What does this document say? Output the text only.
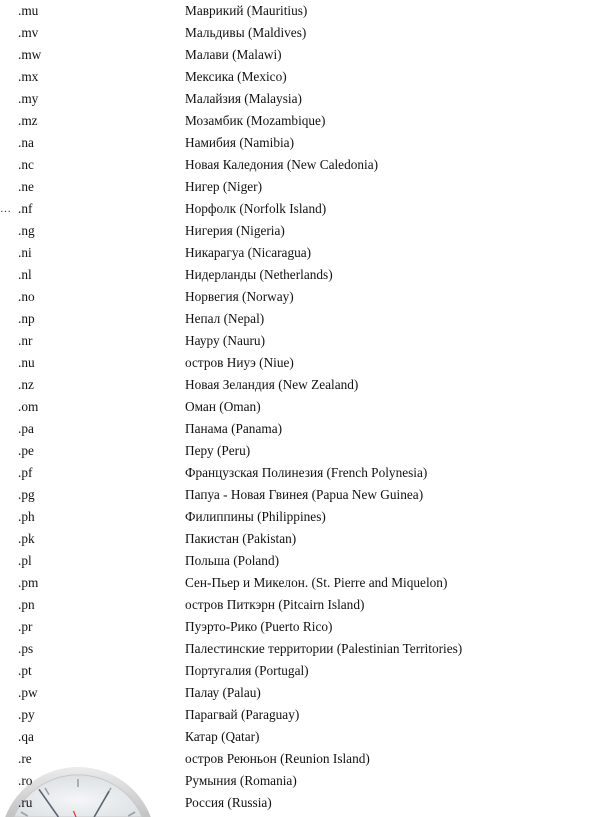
.mu	Маврикий (Mauritius)
.mv	Мальдивы (Maldives)
.mw	Малави (Malawi)
.mx	Мексика (Mexico)
.my	Малайзия (Malaysia)
.mz	Мозамбик (Mozambique)
.na	Намибия (Namibia)
.nc	Новая Каледония (New Caledonia)
.ne	Нигер (Niger)
.nf	Норфолк (Norfolk Island)
.ng	Нигерия (Nigeria)
.ni	Никарагуа (Nicaragua)
.nl	Нидерланды (Netherlands)
.no	Норвегия (Norway)
.np	Непал (Nepal)
.nr	Науру (Nauru)
.nu	остров Ниуэ (Niue)
.nz	Новая Зеландия (New Zealand)
.om	Оман (Oman)
.pa	Панама (Panama)
.pe	Перу (Peru)
.pf	Французская Полинезия (French Polynesia)
.pg	Папуа - Новая Гвинея (Papua New Guinea)
.ph	Филиппины (Philippines)
.pk	Пакистан (Pakistan)
.pl	Польша (Poland)
.pm	Сен-Пьер и Микелон. (St. Pierre and Miquelon)
.pn	остров Питкэрн (Pitcairn Island)
.pr	Пуэрто-Рико (Puerto Rico)
.ps	Палестинские территории (Palestinian Territories)
.pt	Португалия (Portugal)
.pw	Палау (Palau)
.py	Парагвай (Paraguay)
.qa	Катар (Qatar)
.re	остров Реюньон (Reunion Island)
.ro	Румыния (Romania)
.ru	Россия (Russia)
…
